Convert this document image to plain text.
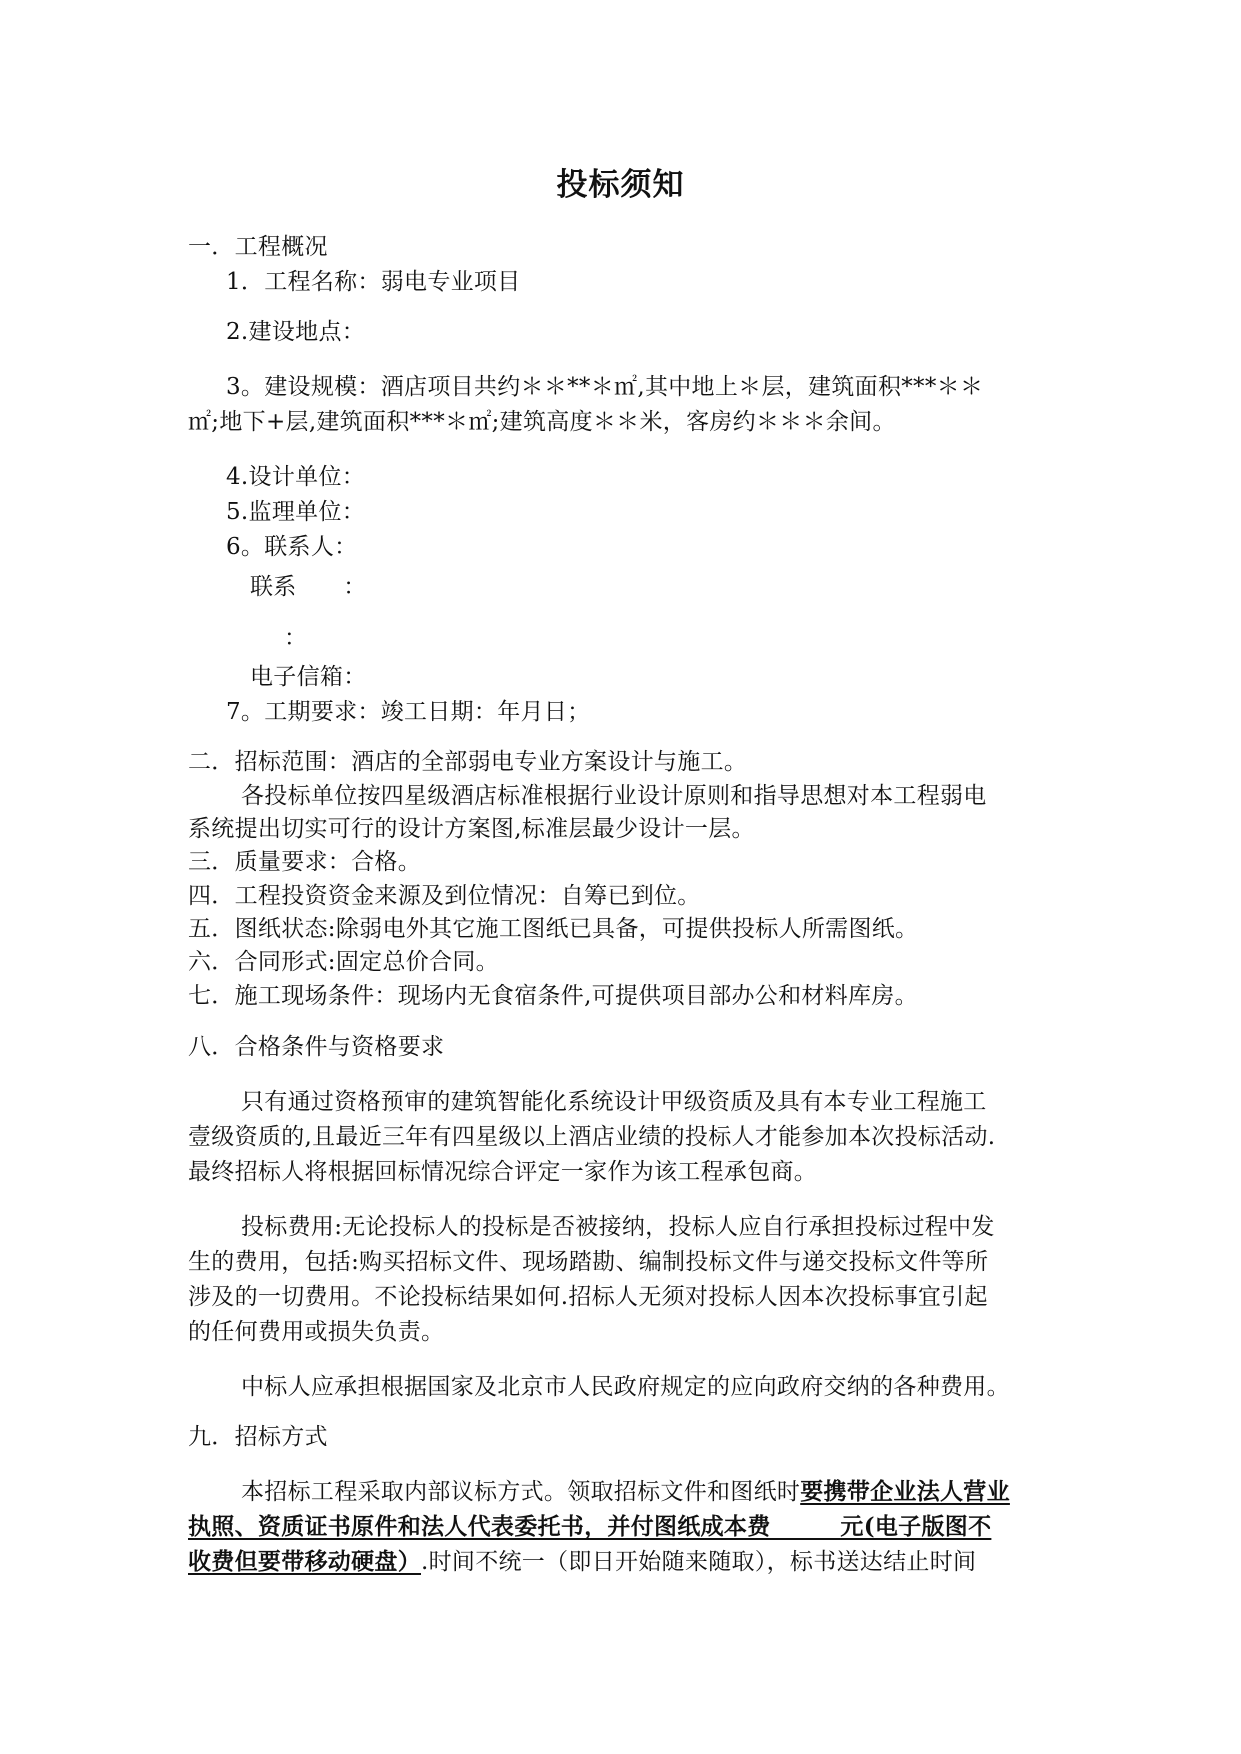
投标须知
一．工程概况
1．工程名称：弱电专业项目
2.建设地点：
3。建设规模：酒店项目共约＊＊**＊㎡,其中地上＊层，建筑面积***＊＊
㎡;地下+层,建筑面积***＊㎡;建筑高度＊＊米，客房约＊＊＊余间。
4.设计单位：
5.监理单位：
6。联系人：
联系　　：
：
电子信箱：
7。工期要求：竣工日期：年月日；
二．招标范围：酒店的全部弱电专业方案设计与施工。
各投标单位按四星级酒店标准根据行业设计原则和指导思想对本工程弱电
系统提出切实可行的设计方案图,标准层最少设计一层。
三．质量要求：合格。
四．工程投资资金来源及到位情况：自筹已到位。
五．图纸状态:除弱电外其它施工图纸已具备，可提供投标人所需图纸。
六．合同形式:固定总价合同。
七．施工现场条件：现场内无食宿条件,可提供项目部办公和材料库房。
八．合格条件与资格要求
只有通过资格预审的建筑智能化系统设计甲级资质及具有本专业工程施工
壹级资质的,且最近三年有四星级以上酒店业绩的投标人才能参加本次投标活动.
最终招标人将根据回标情况综合评定一家作为该工程承包商。
投标费用:无论投标人的投标是否被接纳，投标人应自行承担投标过程中发
生的费用，包括:购买招标文件、现场踏勘、编制投标文件与递交投标文件等所
涉及的一切费用。不论投标结果如何.招标人无须对投标人因本次投标事宜引起
的任何费用或损失负责。
中标人应承担根据国家及北京市人民政府规定的应向政府交纳的各种费用。
九．招标方式
本招标工程采取内部议标方式。领取招标文件和图纸时要携带企业法人营业
执照、资质证书原件和法人代表委托书，并付图纸成本费　　　元(电子版图不
收费但要带移动硬盘）.时间不统一（即日开始随来随取），标书送达结止时间
